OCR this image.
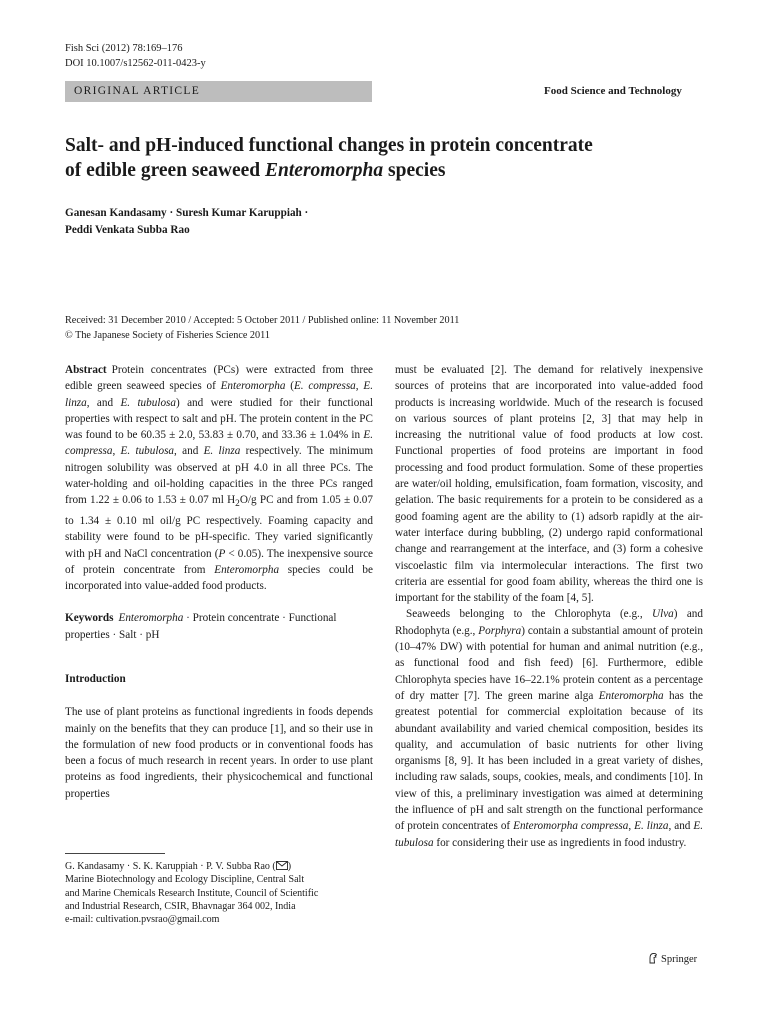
Fish Sci (2012) 78:169–176
DOI 10.1007/s12562-011-0423-y
ORIGINAL ARTICLE	Food Science and Technology
Salt- and pH-induced functional changes in protein concentrate
of edible green seaweed Enteromorpha species
Ganesan Kandasamy · Suresh Kumar Karuppiah ·
Peddi Venkata Subba Rao
Received: 31 December 2010 / Accepted: 5 October 2011 / Published online: 11 November 2011
© The Japanese Society of Fisheries Science 2011

Abstract Protein concentrates (PCs) were extracted from three edible green seaweed species of Enteromorpha (E. compressa, E. linza, and E. tubulosa) and were studied for their functional properties with respect to salt and pH. The protein content in the PC was found to be 60.35 ± 2.0, 53.83 ± 0.70, and 33.36 ± 1.04% in E. compressa, E. tubulosa, and E. linza respectively. The minimum nitrogen solubility was observed at pH 4.0 in all three PCs. The water-holding and oil-holding capacities in the three PCs ranged from 1.22 ± 0.06 to 1.53 ± 0.07 ml $H_2O/g$ PC and from 1.05 ± 0.07 to 1.34 ± 0.10 ml oil/g PC respectively. Foaming capacity and stability were found to be pH-specific. They varied significantly with pH and NaCl concentration (P < 0.05). The inexpensive source of protein concentrate from Enteromorpha species could be incorporated into value-added food products.

Keywords Enteromorpha · Protein concentrate · Functional properties · Salt · pH

Introduction

The use of plant proteins as functional ingredients in foods depends mainly on the benefits that they can produce [1], and so their use in the formulation of new food products or in conventional foods has been a focus of much research in recent years. In order to use plant proteins as food ingredients, their physicochemical and functional properties

must be evaluated [2]. The demand for relatively inexpensive sources of proteins that are incorporated into value-added food products is increasing worldwide. Much of the research is focused on various sources of plant proteins [2, 3] that may help in increasing the nutritional value of food products at low cost. Functional properties of food proteins are important in food processing and food product formulation. Some of these properties are water/oil holding, emulsification, foam formation, viscosity, and gelation. The basic requirements for a protein to be considered as a good foaming agent are the ability to (1) adsorb rapidly at the air-water interface during bubbling, (2) undergo rapid conformational change and rearrangement at the interface, and (3) form a cohesive viscoelastic film via intermolecular interactions. The first two criteria are essential for good foam ability, whereas the third one is important for the stability of the foam [4, 5].

Seaweeds belonging to the Chlorophyta (e.g., Ulva) and Rhodophyta (e.g., Porphyra) contain a substantial amount of protein (10–47% DW) with potential for human and animal nutrition (e.g., as functional food and fish feed) [6]. Furthermore, edible Chlorophyta species have 16–22.1% protein content as a percentage of dry matter [7]. The green marine alga Enteromorpha has the greatest potential for commercial exploitation because of its abundant availability and varied chemical composition, besides its quality, and accumulation of basic nutrients for other living organisms [8, 9]. It has been included in a great variety of dishes, including raw salads, soups, cookies, meals, and condiments [10]. In view of this, a preliminary investigation was aimed at determining the influence of pH and salt strength on the functional performance of protein concentrates of Enteromorpha compressa, E. linza, and E. tubulosa for considering their use as ingredients in food industry.

G. Kandasamy · S. K. Karuppiah · P. V. Subba Rao ( )
Marine Biotechnology and Ecology Discipline, Central Salt
and Marine Chemicals Research Institute, Council of Scientific
and Industrial Research, CSIR, Bhavnagar 364 002, India
e-mail: cultivation.pvsrao@gmail.com
Springer
